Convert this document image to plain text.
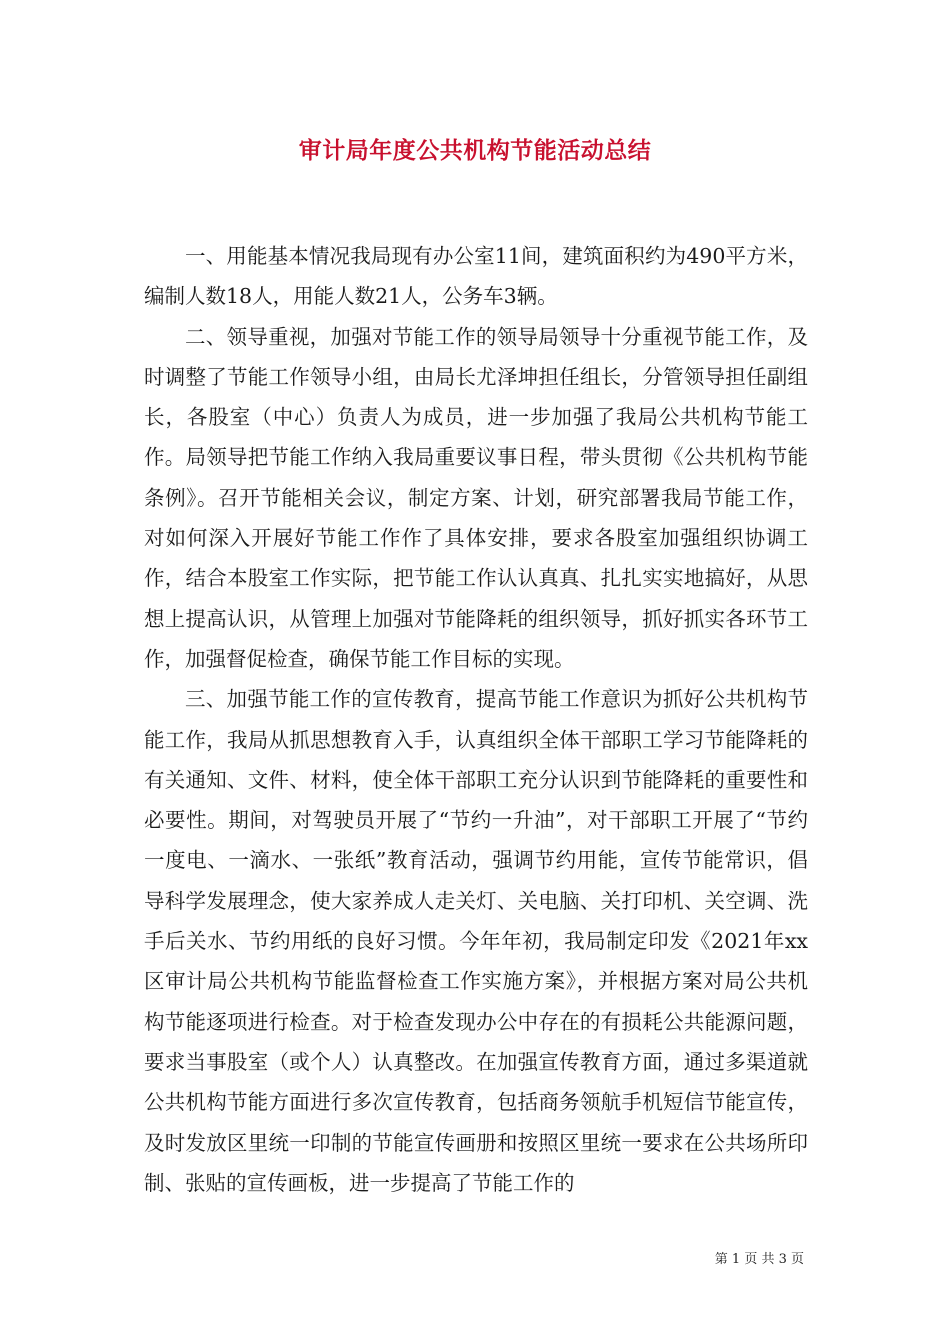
审计局年度公共机构节能活动总结

一、用能基本情况我局现有办公室11间，建筑面积约为490平方米，编制人数18人，用能人数21人，公务车3辆。

二、领导重视，加强对节能工作的领导局领导十分重视节能工作，及时调整了节能工作领导小组，由局长尤泽坤担任组长，分管领导担任副组长，各股室（中心）负责人为成员，进一步加强了我局公共机构节能工作。局领导把节能工作纳入我局重要议事日程，带头贯彻《公共机构节能条例》。召开节能相关会议，制定方案、计划，研究部署我局节能工作，对如何深入开展好节能工作作了具体安排，要求各股室加强组织协调工作，结合本股室工作实际，把节能工作认认真真、扎扎实实地搞好，从思想上提高认识，从管理上加强对节能降耗的组织领导，抓好抓实各环节工作，加强督促检查，确保节能工作目标的实现。

三、加强节能工作的宣传教育，提高节能工作意识为抓好公共机构节能工作，我局从抓思想教育入手，认真组织全体干部职工学习节能降耗的有关通知、文件、材料，使全体干部职工充分认识到节能降耗的重要性和必要性。期间，对驾驶员开展了“节约一升油”，对干部职工开展了“节约一度电、一滴水、一张纸”教育活动，强调节约用能，宣传节能常识，倡导科学发展理念，使大家养成人走关灯、关电脑、关打印机、关空调、洗手后关水、节约用纸的良好习惯。今年年初，我局制定印发《2021年xx区审计局公共机构节能监督检查工作实施方案》，并根据方案对局公共机构节能逐项进行检查。对于检查发现办公中存在的有损耗公共能源问题，要求当事股室（或个人）认真整改。在加强宣传教育方面，通过多渠道就公共机构节能方面进行多次宣传教育，包括商务领航手机短信节能宣传，及时发放区里统一印制的节能宣传画册和按照区里统一要求在公共场所印制、张贴的宣传画板，进一步提高了节能工作的

第 1 页 共 3 页
